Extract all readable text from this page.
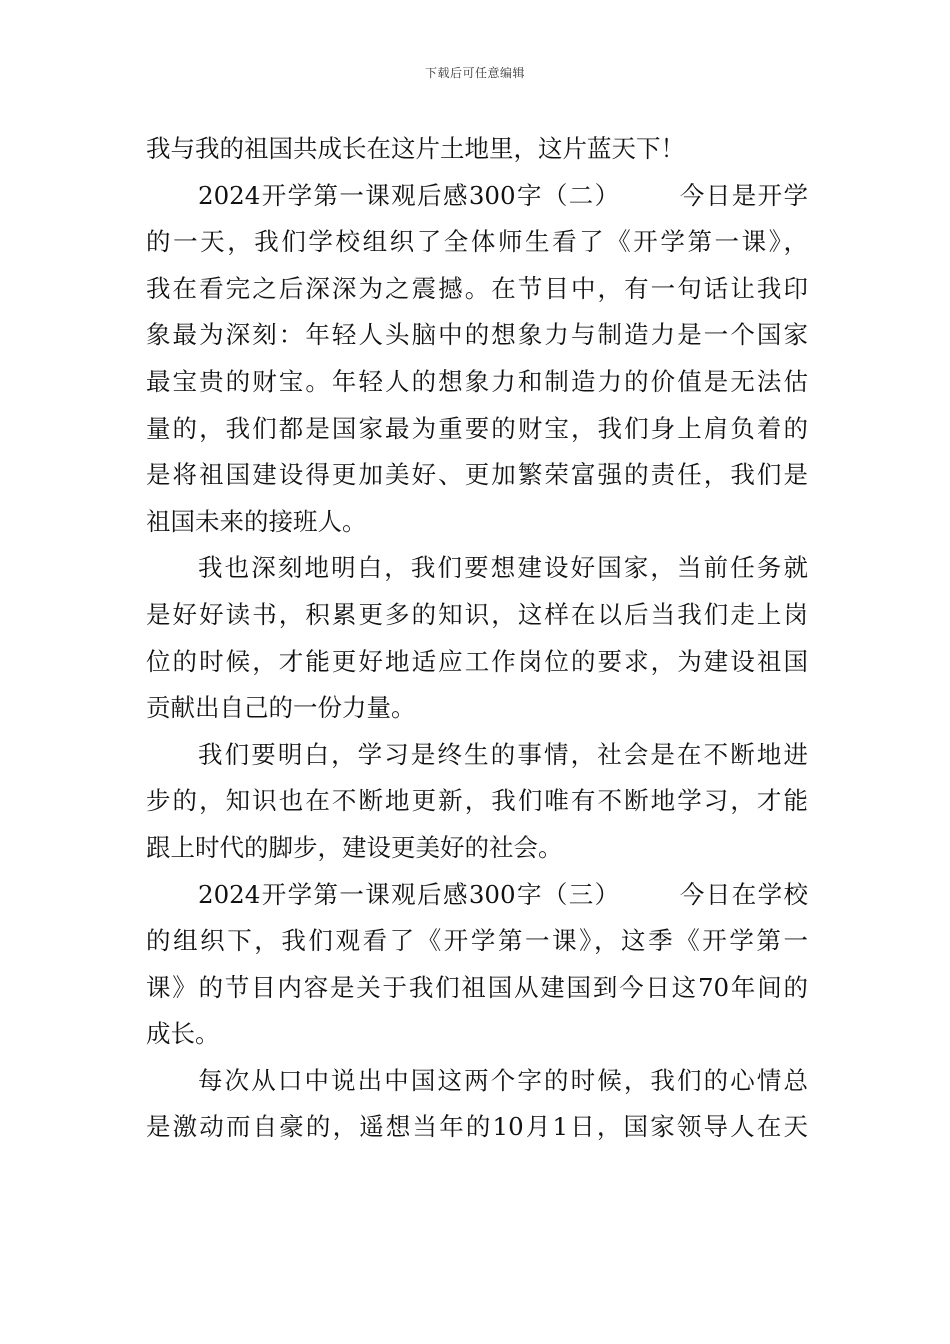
下载后可任意编辑
我与我的祖国共成长在这片土地里，这片蓝天下！
2024开学第一课观后感300字（二） 今日是开学
的一天，我们学校组织了全体师生看了《开学第一课》，
我在看完之后深深为之震撼。在节目中，有一句话让我印
象最为深刻：年轻人头脑中的想象力与制造力是一个国家
最宝贵的财宝。年轻人的想象力和制造力的价值是无法估
量的，我们都是国家最为重要的财宝，我们身上肩负着的
是将祖国建设得更加美好、更加繁荣富强的责任，我们是
祖国未来的接班人。
我也深刻地明白，我们要想建设好国家，当前任务就
是好好读书，积累更多的知识，这样在以后当我们走上岗
位的时候，才能更好地适应工作岗位的要求，为建设祖国
贡献出自己的一份力量。
我们要明白，学习是终生的事情，社会是在不断地进
步的，知识也在不断地更新，我们唯有不断地学习，才能
跟上时代的脚步，建设更美好的社会。
2024开学第一课观后感300字（三） 今日在学校
的组织下，我们观看了《开学第一课》，这季《开学第一
课》的节目内容是关于我们祖国从建国到今日这70年间的
成长。
每次从口中说出中国这两个字的时候，我们的心情总
是激动而自豪的，遥想当年的10月1日，国家领导人在天
